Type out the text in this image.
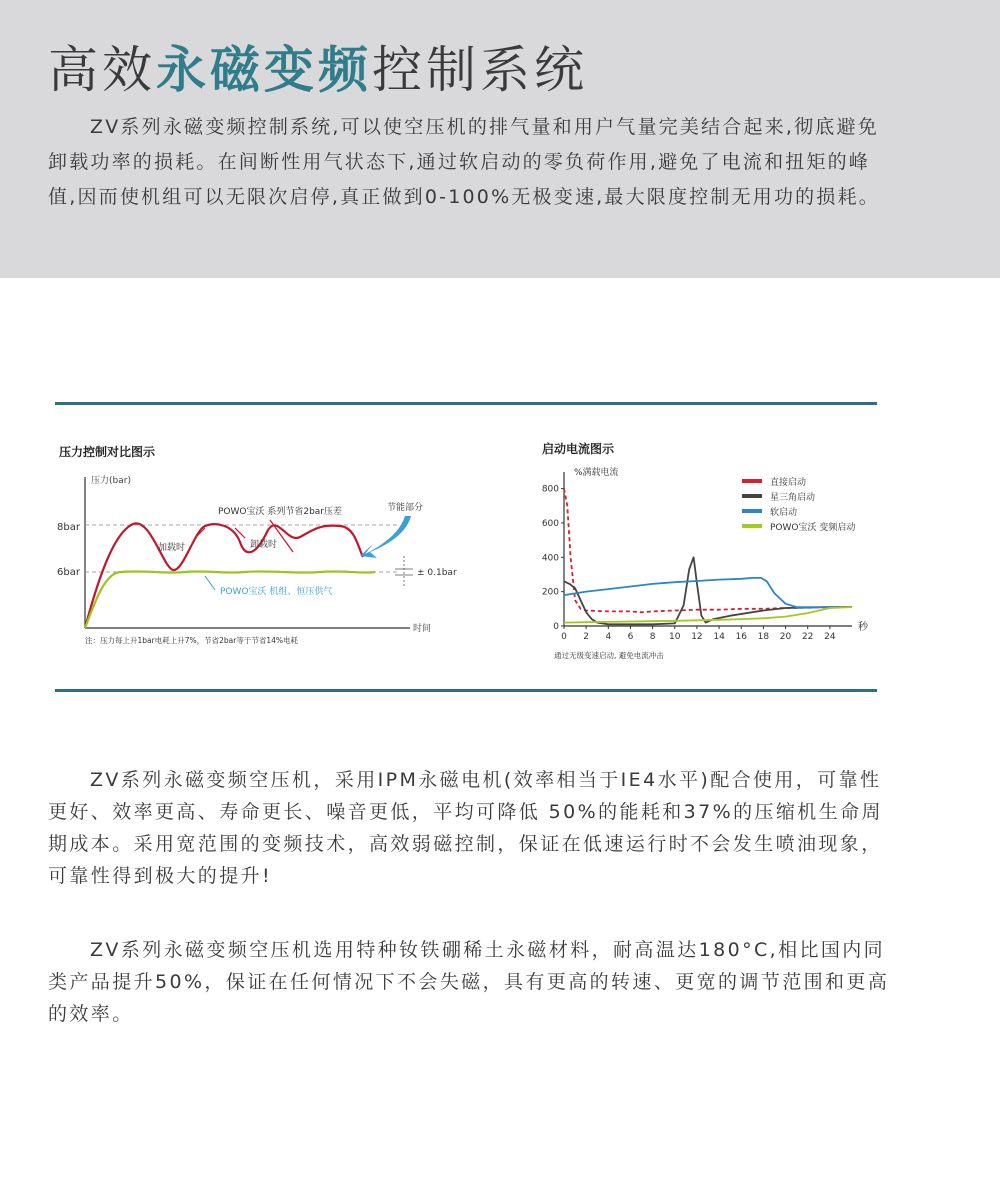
高效永磁变频控制系统
ZV系列永磁变频控制系统,可以使空压机的排气量和用户气量完美结合起来,彻底避免卸载功率的损耗。在间断性用气状态下,通过软启动的零负荷作用,避免了电流和扭矩的峰值,因而使机组可以无限次启停,真正做到0-100%无极变速,最大限度控制无用功的损耗。
压力控制对比图示
压力(bar)
时间
8bar
6bar
POWO宝沃 系列节省2bar压差	节能部分
加载时	卸载时
± 0.1bar
POWO宝沃 机组、恒压供气
注：压力每上升1bar电耗上升7%，节省2bar等于节省14%电耗
启动电流图示
%满载电流
秒
通过无级变速启动, 避免电流冲击
0
200
400
600
800
0 2 4 6 8 10 12 14 16 18 20 22 24
直接启动
星三角启动
软启动
POWO宝沃 变频启动
ZV系列永磁变频空压机，采用IPM永磁电机(效率相当于IE4水平)配合使用，可靠性更好、效率更高、寿命更长、噪音更低，平均可降低 50%的能耗和37%的压缩机生命周期成本。采用宽范围的变频技术，高效弱磁控制，保证在低速运行时不会发生喷油现象，可靠性得到极大的提升!
ZV系列永磁变频空压机选用特种钕铁硼稀土永磁材料，耐高温达180°C,相比国内同类产品提升50%，保证在任何情况下不会失磁，具有更高的转速、更宽的调节范围和更高的效率。
